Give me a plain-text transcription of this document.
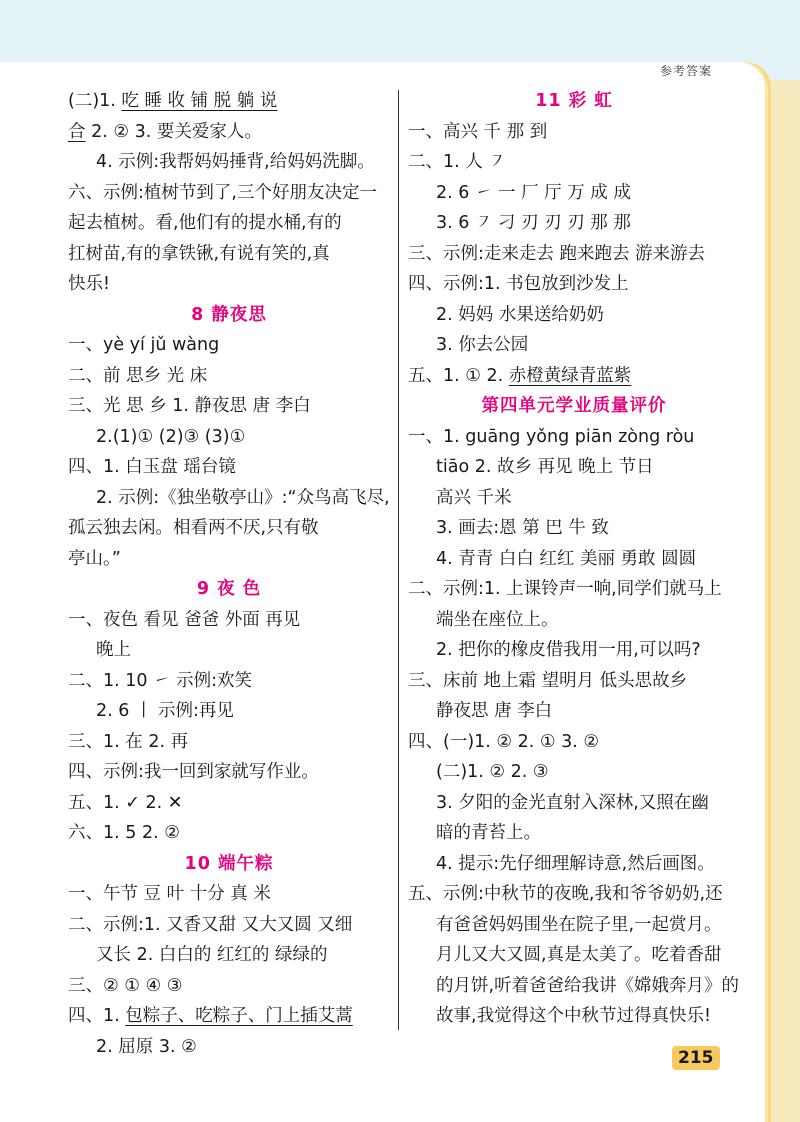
参考答案
(二)1. 吃 睡 收 铺 脱 躺 说
合 2. ② 3. 要关爱家人。
4. 示例:我帮妈妈捶背,给妈妈洗脚。
六、示例:植树节到了,三个好朋友决定一
起去植树。看,他们有的提水桶,有的
扛树苗,有的拿铁锹,有说有笑的,真
快乐!
8 静夜思
一、yè yí jǔ wàng
二、前 思乡 光 床
三、光 思 乡 1. 静夜思 唐 李白
2.(1)① (2)③ (3)①
四、1. 白玉盘 瑶台镜
2. 示例:《独坐敬亭山》:“众鸟高飞尽,
孤云独去闲。相看两不厌,只有敬
亭山。”
9 夜 色
一、夜色 看见 爸爸 外面 再见
晚上
二、1. 10 ㇀ 示例:欢笑
2. 6 丨 示例:再见
三、1. 在 2. 再
四、示例:我一回到家就写作业。
五、1. ✓ 2. ✕
六、1. 5 2. ②
10 端午粽
一、午节 豆 叶 十分 真 米
二、示例:1. 又香又甜 又大又圆 又细
又长 2. 白白的 红红的 绿绿的
三、② ① ④ ③
四、1. 包粽子、吃粽子、门上插艾蒿
2. 屈原 3. ②
11 彩 虹
一、高兴 千 那 到
二、1. 人 ㇇
2. 6 ㇀ 一 厂 厅 万 成 成
3. 6 ㇇ 刁 刃 刃 刃 那 那
三、示例:走来走去 跑来跑去 游来游去
四、示例:1. 书包放到沙发上
2. 妈妈 水果送给奶奶
3. 你去公园
五、1. ① 2. 赤橙黄绿青蓝紫
第四单元学业质量评价
一、1. guāng yǒng piān zòng ròu
tiāo 2. 故乡 再见 晚上 节日
高兴 千米
3. 画去:恩 第 巴 牛 致
4. 青青 白白 红红 美丽 勇敢 圆圆
二、示例:1. 上课铃声一响,同学们就马上
端坐在座位上。
2. 把你的橡皮借我用一用,可以吗?
三、床前 地上霜 望明月 低头思故乡
静夜思 唐 李白
四、(一)1. ② 2. ① 3. ②
(二)1. ② 2. ③
3. 夕阳的金光直射入深林,又照在幽
暗的青苔上。
4. 提示:先仔细理解诗意,然后画图。
五、示例:中秋节的夜晚,我和爷爷奶奶,还
有爸爸妈妈围坐在院子里,一起赏月。
月儿又大又圆,真是太美了。吃着香甜
的月饼,听着爸爸给我讲《嫦娥奔月》的
故事,我觉得这个中秋节过得真快乐!
215
